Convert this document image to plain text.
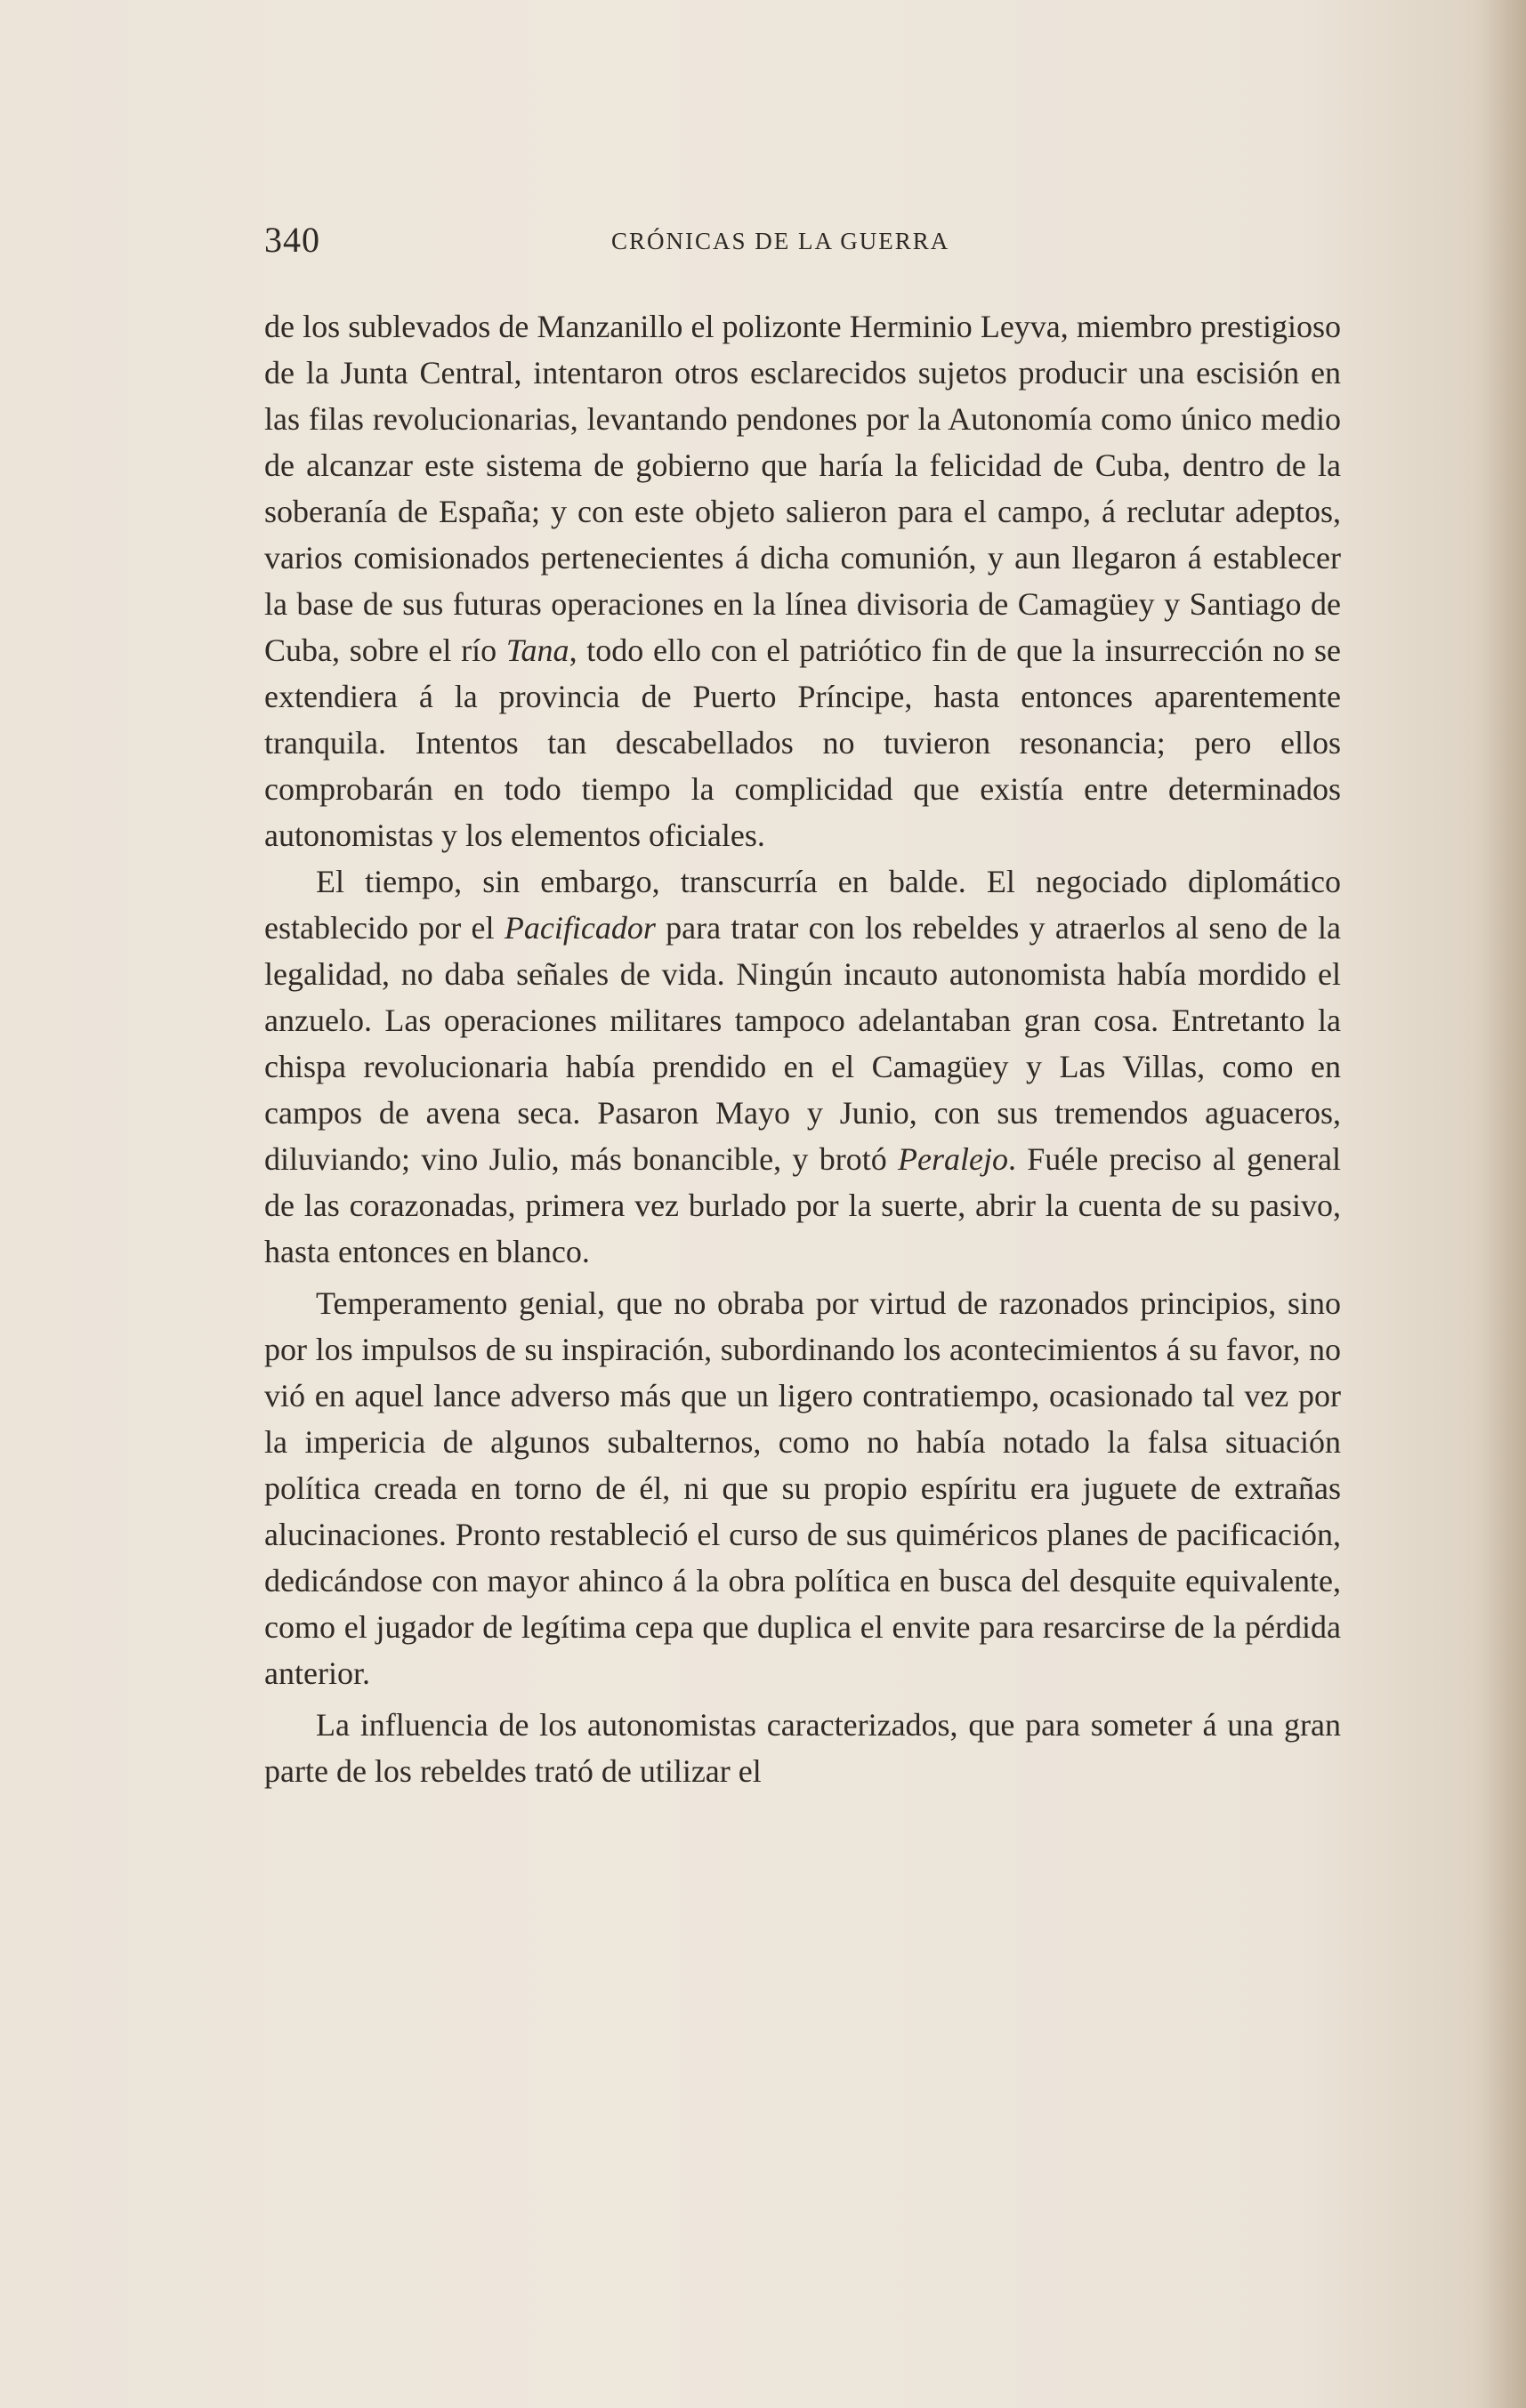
340	CRÓNICAS DE LA GUERRA

de los sublevados de Manzanillo el polizonte Herminio Leyva, miembro prestigioso de la Junta Central, intentaron otros esclarecidos sujetos producir una escisión en las filas revolucionarias, levantando pendones por la Autonomía como único medio de alcanzar este sistema de gobierno que haría la felicidad de Cuba, dentro de la soberanía de España; y con este objeto salieron para el campo, á reclutar adeptos, varios comisionados pertenecientes á dicha comunión, y aun llegaron á establecer la base de sus futuras operaciones en la línea divisoria de Camagüey y Santiago de Cuba, sobre el río Tana, todo ello con el patriótico fin de que la insurrección no se extendiera á la provincia de Puerto Príncipe, hasta entonces aparentemente tranquila. Intentos tan descabellados no tuvieron resonancia; pero ellos comprobarán en todo tiempo la complicidad que existía entre determinados autonomistas y los elementos oficiales.

El tiempo, sin embargo, transcurría en balde. El negociado diplomático establecido por el Pacificador para tratar con los rebeldes y atraerlos al seno de la legalidad, no daba señales de vida. Ningún incauto autonomista había mordido el anzuelo. Las operaciones militares tampoco adelantaban gran cosa. Entretanto la chispa revolucionaria había prendido en el Camagüey y Las Villas, como en campos de avena seca. Pasaron Mayo y Junio, con sus tremendos aguaceros, diluviando; vino Julio, más bonancible, y brotó Peralejo. Fuéle preciso al general de las corazonadas, primera vez burlado por la suerte, abrir la cuenta de su pasivo, hasta entonces en blanco.

Temperamento genial, que no obraba por virtud de razonados principios, sino por los impulsos de su inspiración, subordinando los acontecimientos á su favor, no vió en aquel lance adverso más que un ligero contratiempo, ocasionado tal vez por la impericia de algunos subalternos, como no había notado la falsa situación política creada en torno de él, ni que su propio espíritu era juguete de extrañas alucinaciones. Pronto restableció el curso de sus quiméricos planes de pacificación, dedicándose con mayor ahinco á la obra política en busca del desquite equivalente, como el jugador de legítima cepa que duplica el envite para resarcirse de la pérdida anterior.

La influencia de los autonomistas caracterizados, que para someter á una gran parte de los rebeldes trató de utilizar el
